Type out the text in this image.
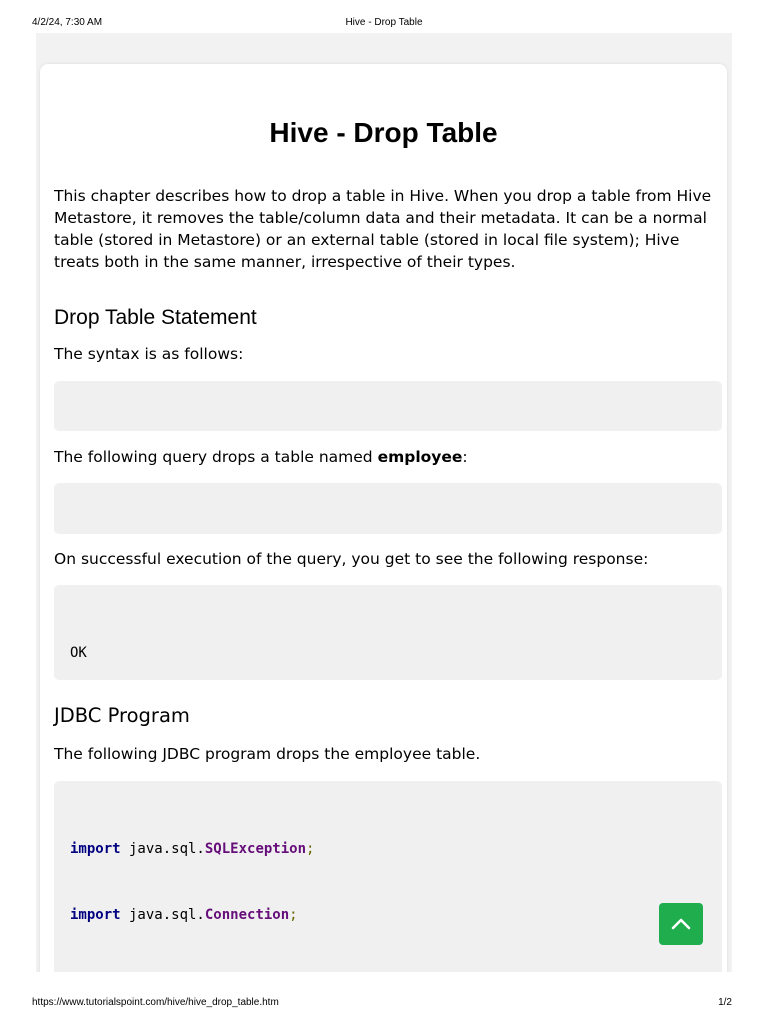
4/2/24, 7:30 AM	Hive - Drop Table
Hive - Drop Table

This chapter describes how to drop a table in Hive. When you drop a table from Hive
Metastore, it removes the table/column data and their metadata. It can be a normal
table (stored in Metastore) or an external table (stored in local file system); Hive
treats both in the same manner, irrespective of their types.

Drop Table Statement

The syntax is as follows:

The following query drops a table named employee:

On successful execution of the query, you get to see the following response:

OK

JDBC Program

The following JDBC program drops the employee table.

import java.sql.SQLException;

import java.sql.Connection;

https://www.tutorialspoint.com/hive/hive_drop_table.htm	1/2
